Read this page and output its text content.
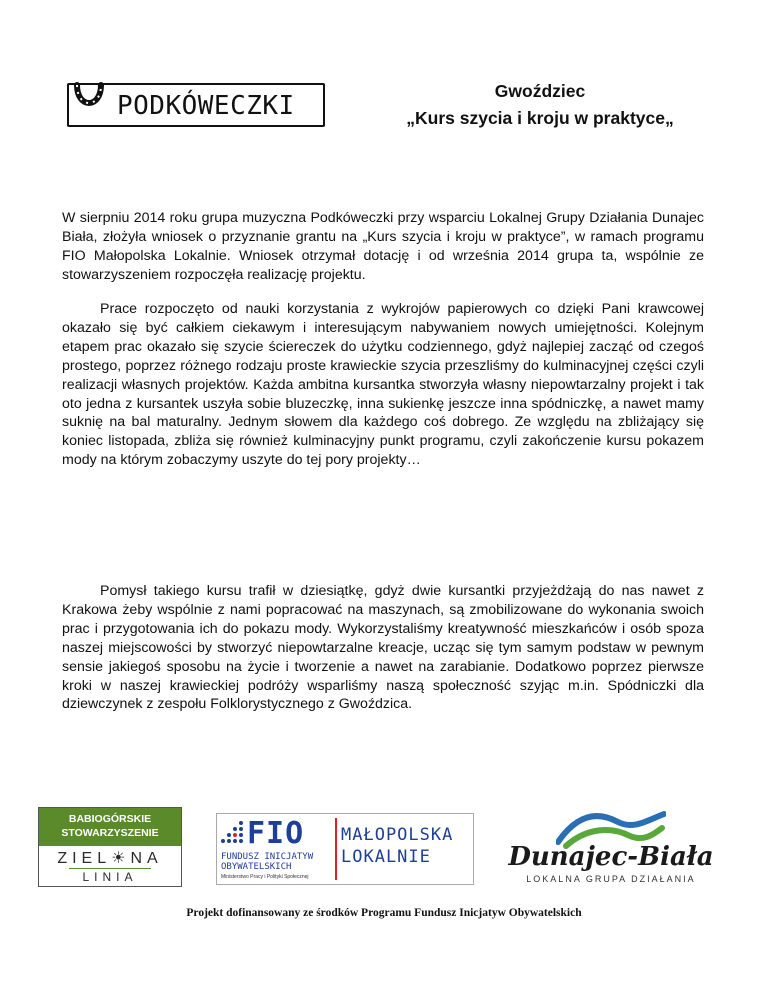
PODKÓWECZKI	Gwoździec
„Kurs szycia i kroju w praktyce„

W sierpniu 2014 roku grupa muzyczna Podkóweczki przy wsparciu Lokalnej Grupy Działania Dunajec Biała, złożyła wniosek o przyznanie grantu na „Kurs szycia i kroju w praktyce”, w ramach programu FIO Małopolska Lokalnie. Wniosek otrzymał dotację i od września 2014 grupa ta, wspólnie ze stowarzyszeniem rozpoczęła realizację projektu.

Prace rozpoczęto od nauki korzystania z wykrojów papierowych co dzięki Pani krawcowej okazało się być całkiem ciekawym i interesującym nabywaniem nowych umiejętności. Kolejnym etapem prac okazało się szycie ściereczek do użytku codziennego, gdyż najlepiej zacząć od czegoś prostego, poprzez różnego rodzaju proste krawieckie szycia przeszliśmy do kulminacyjnej części czyli realizacji własnych projektów. Każda ambitna kursantka stworzyła własny niepowtarzalny projekt i tak oto jedna z kursantek uszyła sobie bluzeczkę, inna sukienkę jeszcze inna spódniczkę, a nawet mamy suknię na bal maturalny. Jednym słowem dla każdego coś dobrego. Ze względu na zbliżający się koniec listopada, zbliża się również kulminacyjny punkt programu, czyli zakończenie kursu pokazem mody na którym zobaczymy uszyte do tej pory projekty…

Pomysł takiego kursu trafił w dziesiątkę, gdyż dwie kursantki przyjeżdżają do nas nawet z Krakowa żeby wspólnie z nami popracować na maszynach, są zmobilizowane do wykonania swoich prac i przygotowania ich do pokazu mody. Wykorzystaliśmy kreatywność mieszkańców i osób spoza naszej miejscowości by stworzyć niepowtarzalne kreacje, ucząc się tym samym podstaw w pewnym sensie jakiegoś sposobu na życie i tworzenie a nawet na zarabianie. Dodatkowo poprzez pierwsze kroki w naszej krawieckiej podróży wsparliśmy naszą społeczność szyjąc m.in. Spódniczki dla dziewczynek z zespołu Folklorystycznego z Gwoździca.

BABIOGÓRSKIE STOWARZYSZENIE
ZIEL☀NA
LINIA
FIO
FUNDUSZ INICJATYW OBYWATELSKICH
Ministerstwo Pracy i Polityki Społecznej
MAŁOPOLSKA
LOKALNIE	Dunajec-Biała
LOKALNA GRUPA DZIAŁANIA
Projekt dofinansowany ze środków Programu Fundusz Inicjatyw Obywatelskich
